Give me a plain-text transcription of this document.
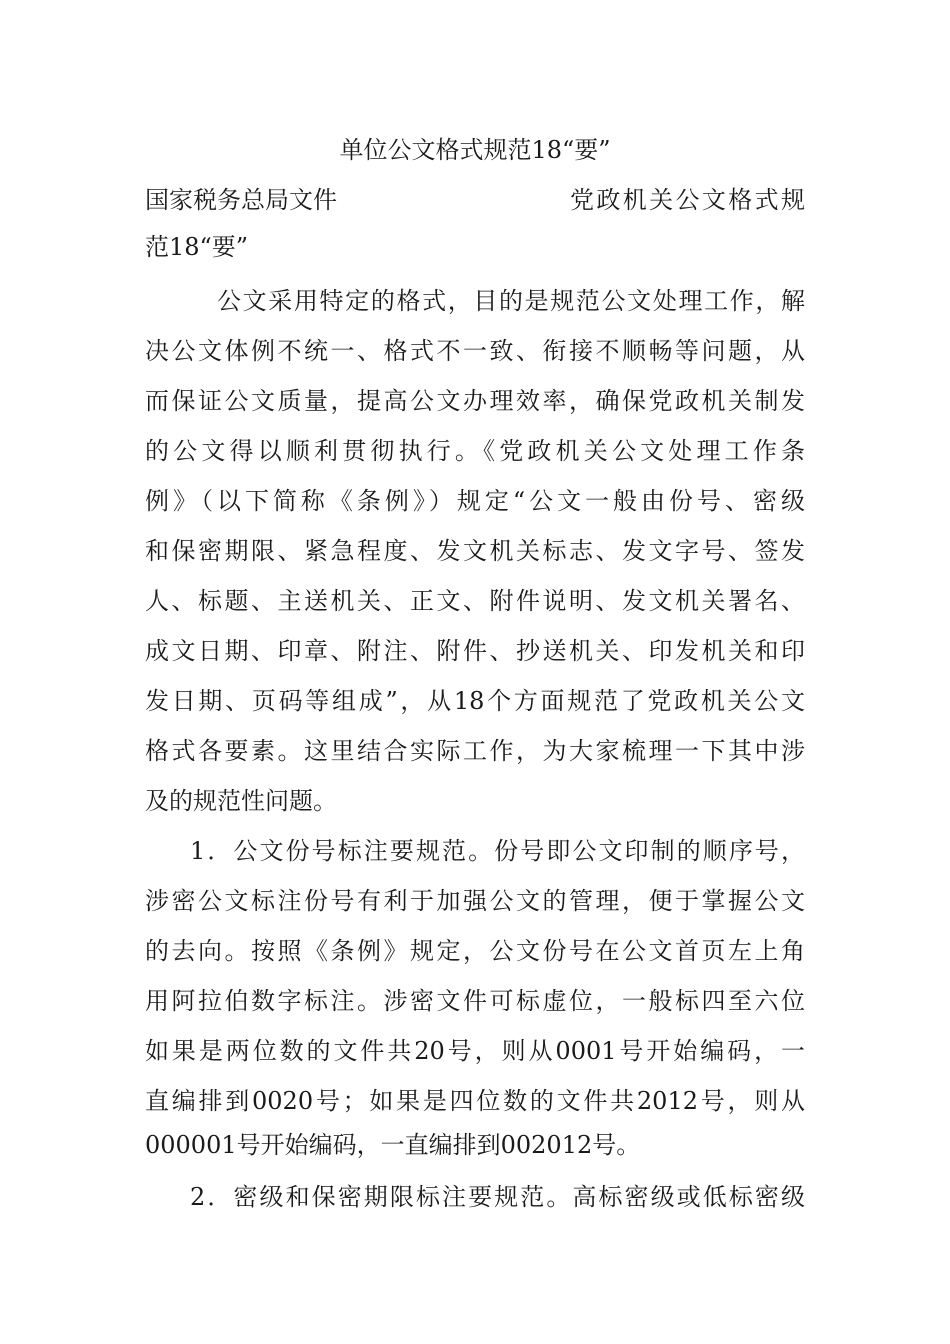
单位公文格式规范18“要”
国家税务总局文件	党政机关公文格式规
范18“要”
公文采用特定的格式，目的是规范公文处理工作，解
决公文体例不统一、格式不一致、衔接不顺畅等问题，从
而保证公文质量，提高公文办理效率，确保党政机关制发
的公文得以顺利贯彻执行。《党政机关公文处理工作条
例》（以下简称《条例》）规定“公文一般由份号、密级
和保密期限、紧急程度、发文机关标志、发文字号、签发
人、标题、主送机关、正文、附件说明、发文机关署名、
成文日期、印章、附注、附件、抄送机关、印发机关和印
发日期、页码等组成”，从18个方面规范了党政机关公文
格式各要素。这里结合实际工作，为大家梳理一下其中涉
及的规范性问题。
1．公文份号标注要规范。份号即公文印制的顺序号，
涉密公文标注份号有利于加强公文的管理，便于掌握公文
的去向。按照《条例》规定，公文份号在公文首页左上角
用阿拉伯数字标注。涉密文件可标虚位，一般标四至六位
如果是两位数的文件共20号，则从0001号开始编码，一
直编排到0020号；如果是四位数的文件共2012号，则从
000001号开始编码，一直编排到002012号。
2．密级和保密期限标注要规范。高标密级或低标密级
